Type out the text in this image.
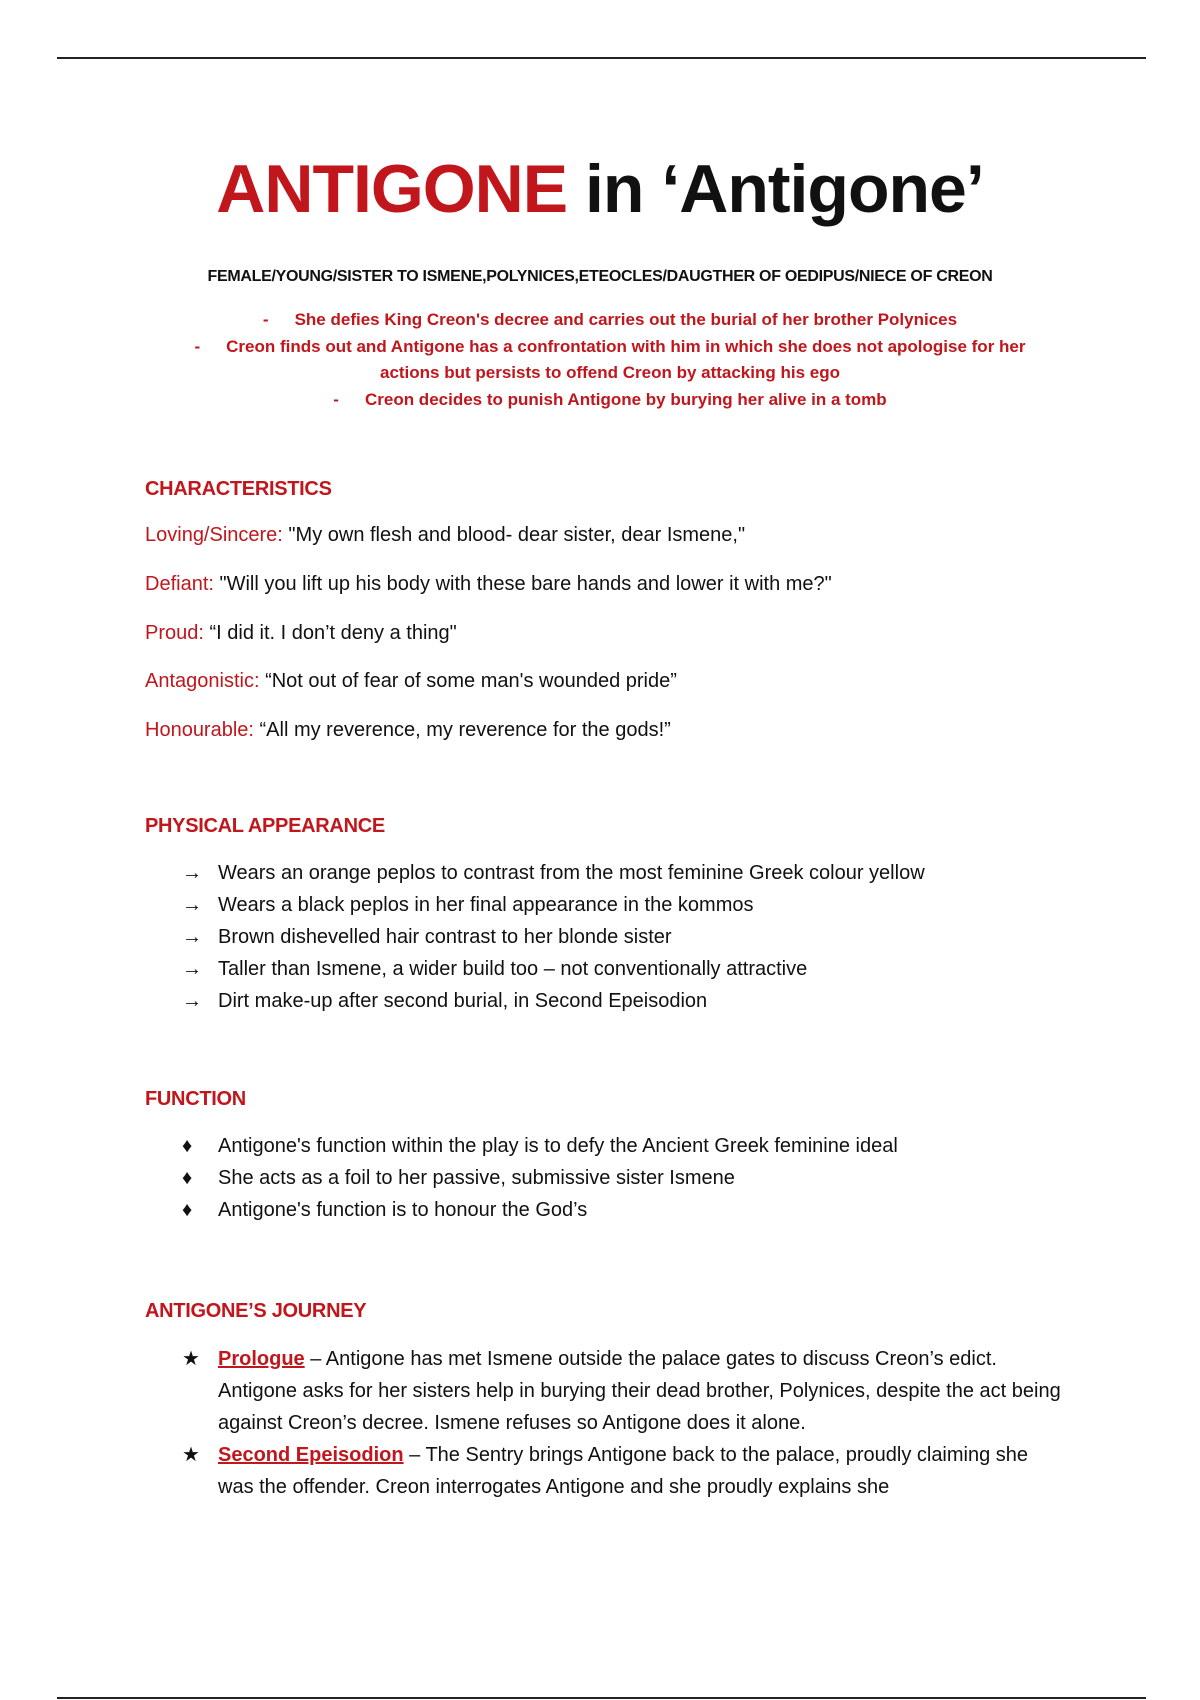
ANTIGONE in ‘Antigone’
FEMALE/YOUNG/SISTER TO ISMENE,POLYNICES,ETEOCLES/DAUGTHER OF OEDIPUS/NIECE OF CREON
- She defies King Creon's decree and carries out the burial of her brother Polynices
- Creon finds out and Antigone has a confrontation with him in which she does not apologise for her actions but persists to offend Creon by attacking his ego
- Creon decides to punish Antigone by burying her alive in a tomb
CHARACTERISTICS
Loving/Sincere: "My own flesh and blood- dear sister, dear Ismene,"
Defiant: "Will you lift up his body with these bare hands and lower it with me?"
Proud: “I did it. I don’t deny a thing"
Antagonistic: “Not out of fear of some man's wounded pride”
Honourable: “All my reverence, my reverence for the gods!”
PHYSICAL APPEARANCE
→ Wears an orange peplos to contrast from the most feminine Greek colour yellow
→ Wears a black peplos in her final appearance in the kommos
→ Brown dishevelled hair contrast to her blonde sister
→ Taller than Ismene, a wider build too – not conventionally attractive
→ Dirt make-up after second burial, in Second Epeisodion
FUNCTION
♦	Antigone's function within the play is to defy the Ancient Greek feminine ideal
♦	She acts as a foil to her passive, submissive sister Ismene
♦	Antigone's function is to honour the God’s
ANTIGONE’S JOURNEY
★ Prologue – Antigone has met Ismene outside the palace gates to discuss Creon’s edict. Antigone asks for her sisters help in burying their dead brother, Polynices, despite the act being against Creon’s decree. Ismene refuses so Antigone does it alone.
★ Second Epeisodion – The Sentry brings Antigone back to the palace, proudly claiming she was the offender. Creon interrogates Antigone and she proudly explains she
